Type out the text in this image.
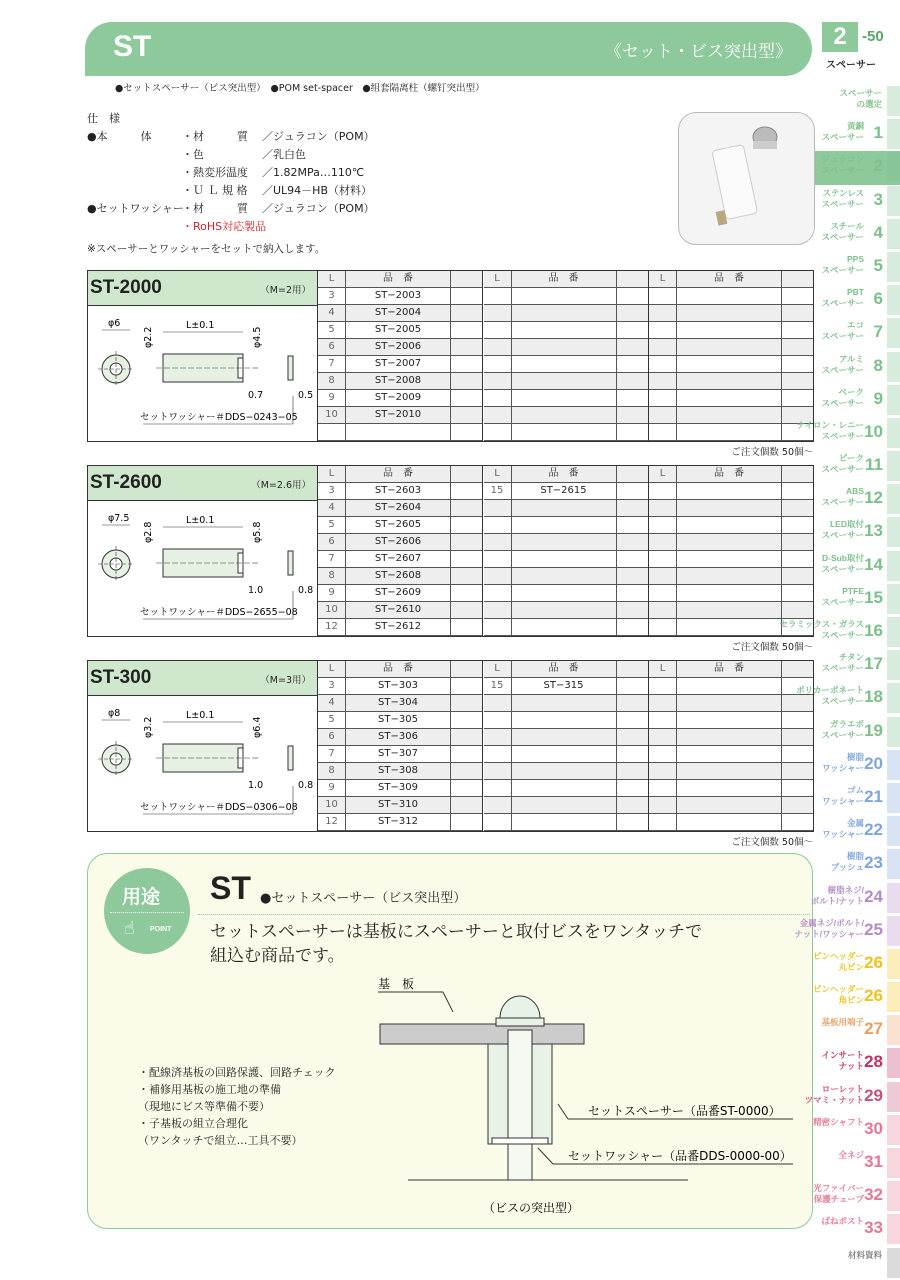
ST	《セット・ビス突出型》
2	-50
スペーサー
●セットスペーサー（ビス突出型）　●POM set-spacer　●组套隔离柱（螺钉突出型）
仕　様
●本　　　体	・材　　　質	／ジュラコン（POM）
・色	／乳白色
・熱変形温度	／1.82MPa…110℃
・Ｕ Ｌ 規 格	／UL94－HB（材料）
●セットワッシャー
・材　　　質	／ジュラコン（POM）
・RoHS対応製品
※スペーサーとワッシャーをセットで納入します。
ST-2000	（M=2用）
φ6
φ2.2
L±0.1
φ4.5
0.7	0.5
セットワッシャー＃DDS−0243−05
L	品　番
3	ST−2003
4	ST−2004
5	ST−2005
6	ST−2006
7	ST−2007
8	ST−2008
9	ST−2009
10	ST−2010
L	品　番	L	品　番
ST-2600	（M=2.6用）
φ7.5
φ2.8
L±0.1
φ5.8
1.0	0.8
セットワッシャー＃DDS−2655−08
L	品　番
3	ST−2603
4	ST−2604
5	ST−2605
6	ST−2606
7	ST−2607
8	ST−2608
9	ST−2609
10	ST−2610
12	ST−2612
L	品　番
15	ST−2615
L	品　番
ST-300	（M=3用）
φ8
φ3.2
L±0.1
φ6.4
1.0	0.8
セットワッシャー＃DDS−0306−08
L	品　番
3	ST−303
4	ST−304
5	ST−305
6	ST−306
7	ST−307
8	ST−308
9	ST−309
10	ST−310
12	ST−312
L	品　番
15	ST−315
L	品　番
用途
POINT
☝
ST ●セットスペーサー（ビス突出型）
セットスペーサーは基板にスペーサーと取付ビスをワンタッチで
組込む商品です。
・配線済基板の回路保護、回路チェック
・補修用基板の施工地の準備
（現地にビス等準備不要）
・子基板の組立合理化
（ワンタッチで組立…工具不要）
基　板
セットスペーサー（品番ST-0000）
セットワッシャー（品番DDS-0000-00）
（ビスの突出型）
スペーサー
の選定
黄銅
スペーサー 1
ジュラコン
スペーサー 2
ステンレス
スペーサー 3
スチール
スペーサー 4
PPS
スペーサー 5
PBT
スペーサー 6
エコ
スペーサー 7
アルミ
スペーサー 8
ベーク
スペーサー 9
ナイロン・レニー
スペーサー 10
ピーク
スペーサー 11
ABS
スペーサー 12
LED取付
スペーサー 13
D-Sub取付
スペーサー 14
PTFE
スペーサー 15
セラミックス・ガラス
スペーサー 16
チタン
スペーサー 17
ポリカーボネート
スペーサー 18
ガラエポ
スペーサー 19
樹脂
ワッシャー 20
ゴム
ワッシャー 21
金属
ワッシャー 22
樹脂
ブッシュ 23
樹脂ネジ/
ボルト/ナット 24
金属ネジ/ボルト/
ナット/ワッシャー 25
ピンヘッダー
丸ピン 26
ピンヘッダー
角ピン 26
基板用端子 27
インサート
ナット 28
ローレット
ツマミ・ナット 29
精密シャフト 30
全ネジ 31
光ファイバー
保護チューブ 32
ばねポスト 33
材料資料
ご注文個数 50個～
ご注文個数 50個～
ご注文個数 50個～
